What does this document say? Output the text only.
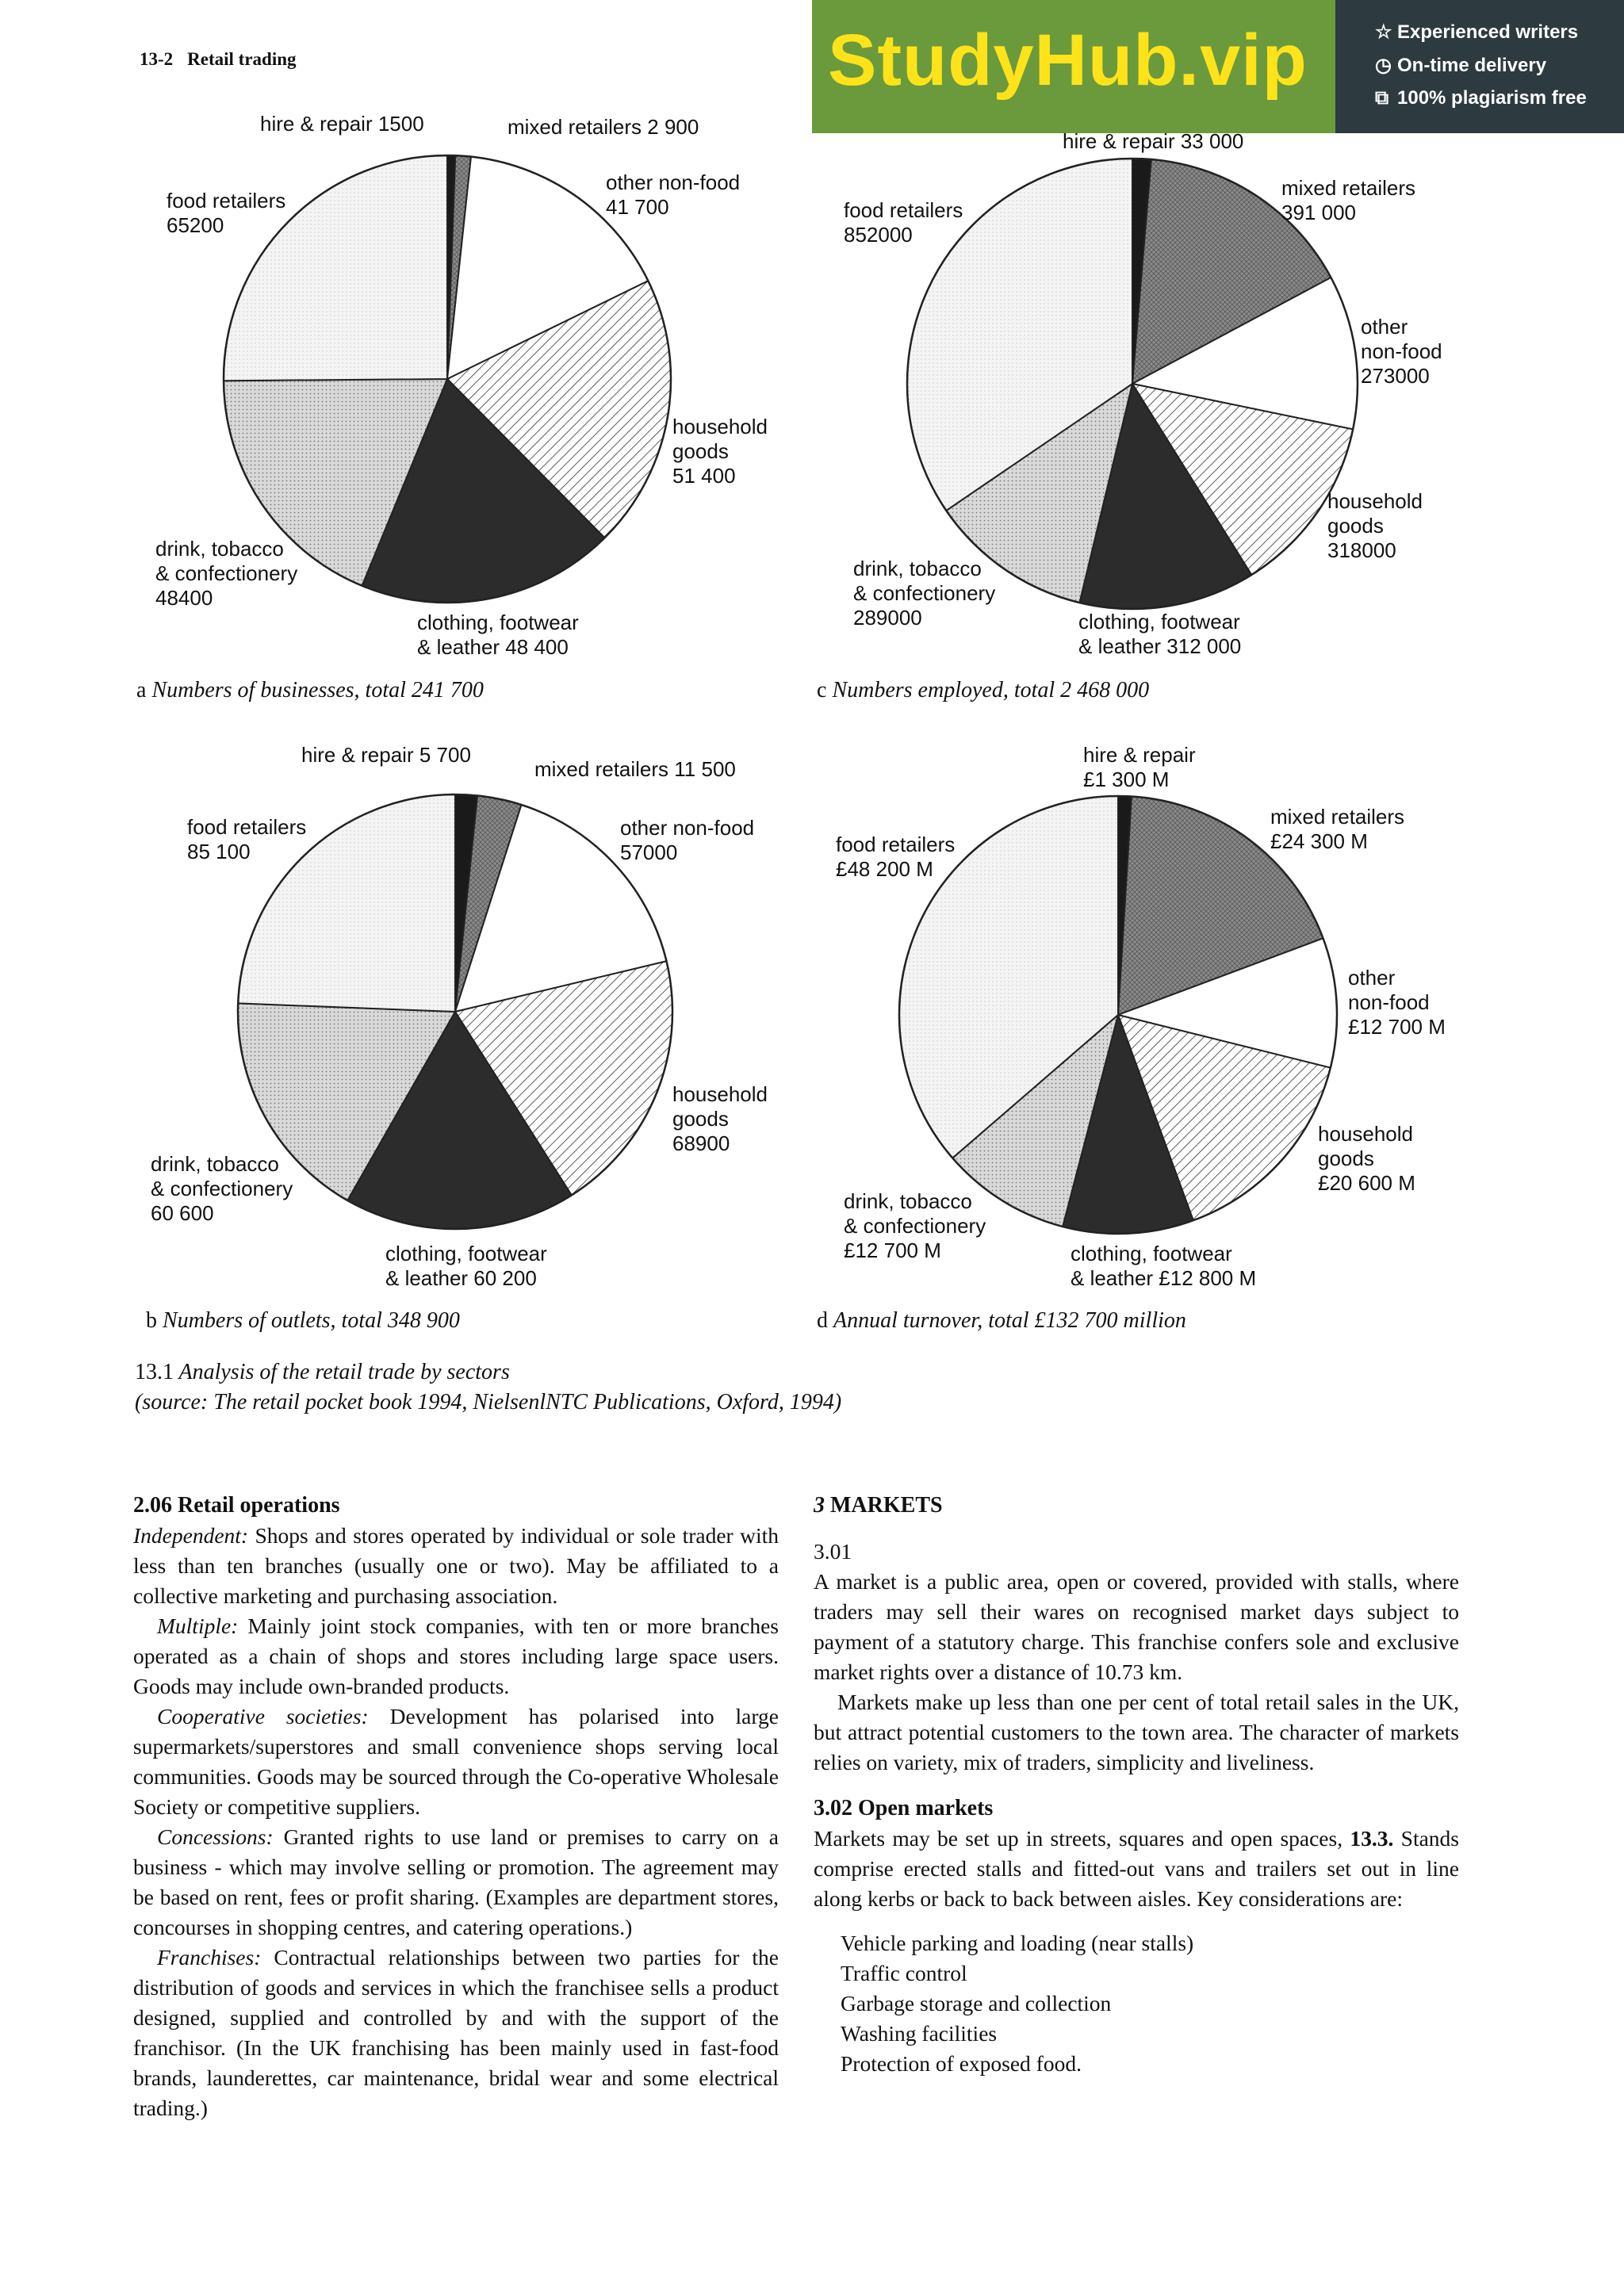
13-2 Retail trading	StudyHub.vip	☆ Experienced writers
◷ On-time delivery
⧉ 100% plagiarism free
hire & repair 1500	mixed retailers 2 900
other non-food
41 700
household
goods
51 400
clothing, footwear
& leather 48 400
drink, tobacco
& confectionery
48400
food retailers
65200
a Numbers of businesses, total 241 700
hire & repair 33 000
mixed retailers
391 000
other
non-food
273000
household
goods
318000
clothing, footwear
& leather 312 000
drink, tobacco
& confectionery
289000
food retailers
852000
c Numbers employed, total 2 468 000
hire & repair 5 700
mixed retailers 11 500
other non-food
57000
household
goods
68900
clothing, footwear
& leather 60 200
drink, tobacco
& confectionery
60 600
food retailers
85 100
b Numbers of outlets, total 348 900
hire & repair
£1 300 M
mixed retailers
£24 300 M
other
non-food
£12 700 M
household
goods
£20 600 M
clothing, footwear
& leather £12 800 M
drink, tobacco
& confectionery
£12 700 M
food retailers
£48 200 M
d Annual turnover, total £132 700 million
13.1 Analysis of the retail trade by sectors
(source: The retail pocket book 1994, NielsenlNTC Publications, Oxford, 1994)
2.06 Retail operations

Independent: Shops and stores operated by individual or sole trader with less than ten branches (usually one or two). May be affiliated to a collective marketing and purchasing association.

Multiple: Mainly joint stock companies, with ten or more branches operated as a chain of shops and stores including large space users. Goods may include own-branded products.

Cooperative societies: Development has polarised into large supermarkets/superstores and small convenience shops serving local communities. Goods may be sourced through the Co-operative Wholesale Society or competitive suppliers.

Concessions: Granted rights to use land or premises to carry on a business - which may involve selling or promotion. The agreement may be based on rent, fees or profit sharing. (Examples are department stores, concourses in shopping centres, and catering operations.)

Franchises: Contractual relationships between two parties for the distribution of goods and services in which the franchisee sells a product designed, supplied and controlled by and with the support of the franchisor. (In the UK franchising has been mainly used in fast-food brands, launderettes, car maintenance, bridal wear and some electrical trading.)

3 MARKETS

3.01

A market is a public area, open or covered, provided with stalls, where traders may sell their wares on recognised market days subject to payment of a statutory charge. This franchise confers sole and exclusive market rights over a distance of 10.73 km.

Markets make up less than one per cent of total retail sales in the UK, but attract potential customers to the town area. The character of markets relies on variety, mix of traders, simplicity and liveliness.

3.02 Open markets

Markets may be set up in streets, squares and open spaces, 13.3. Stands comprise erected stalls and fitted-out vans and trailers set out in line along kerbs or back to back between aisles. Key considerations are:

Vehicle parking and loading (near stalls)
Traffic control
Garbage storage and collection
Washing facilities
Protection of exposed food.
